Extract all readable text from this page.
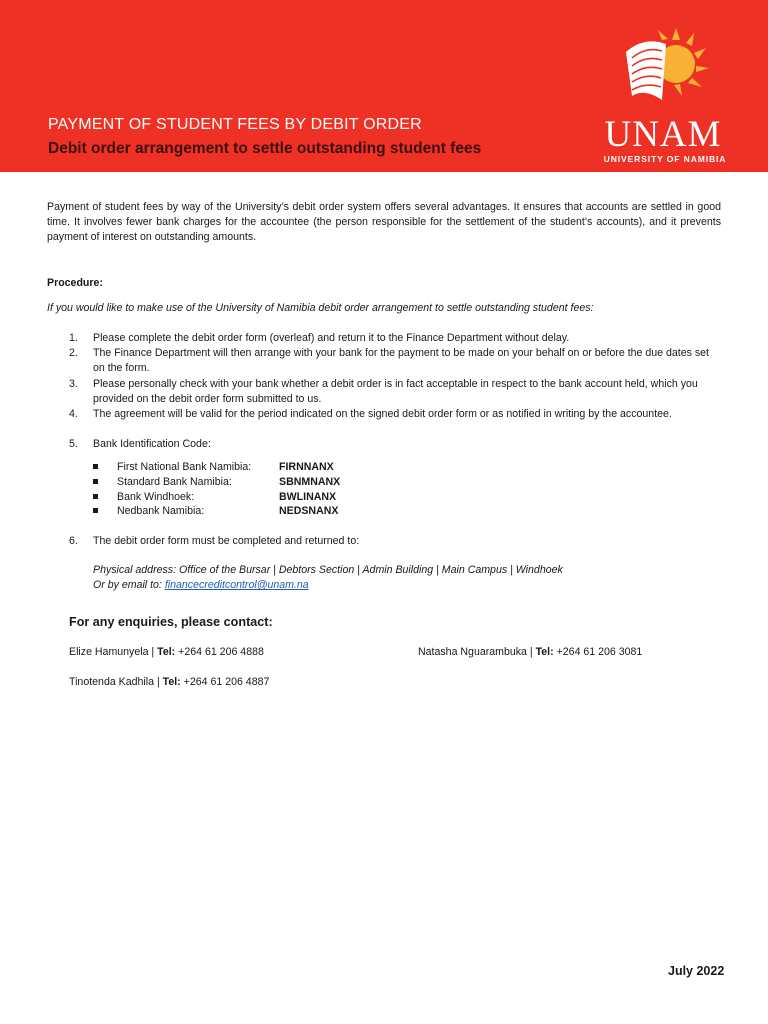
PAYMENT OF STUDENT FEES BY DEBIT ORDER
Debit order arrangement to settle outstanding student fees	UNAM
UNIVERSITY OF NAMIBIA

Payment of student fees by way of the University’s debit order system offers several advantages. It ensures that accounts are settled in good time. It involves fewer bank charges for the accountee (the person responsible for the settlement of the student’s accounts), and it prevents payment of interest on outstanding amounts.

Procedure:

If you would like to make use of the University of Namibia debit order arrangement to settle outstanding student fees:

1. Please complete the debit order form (overleaf) and return it to the Finance Department without delay.
2. The Finance Department will then arrange with your bank for the payment to be made on your behalf on or before the due dates set on the form.
3. Please personally check with your bank whether a debit order is in fact acceptable in respect to the bank account held, which you provided on the debit order form submitted to us.
4. The agreement will be valid for the period indicated on the signed debit order form or as notified in writing by the accountee.
5. Bank Identification Code:
First National Bank Namibia:	FIRNNANX
Standard Bank Namibia:	SBNMNANX
Bank Windhoek:	BWLINANX
Nedbank Namibia:	NEDSNANX
6. The debit order form must be completed and returned to:
Physical address: Office of the Bursar | Debtors Section | Admin Building | Main Campus | Windhoek
Or by email to: financecreditcontrol@unam.na
For any enquiries, please contact:
Elize Hamunyela | Tel: +264 61 206 4888	Natasha Nguarambuka | Tel: +264 61 206 3081
Tinotenda Kadhila | Tel: +264 61 206 4887
July 2022
